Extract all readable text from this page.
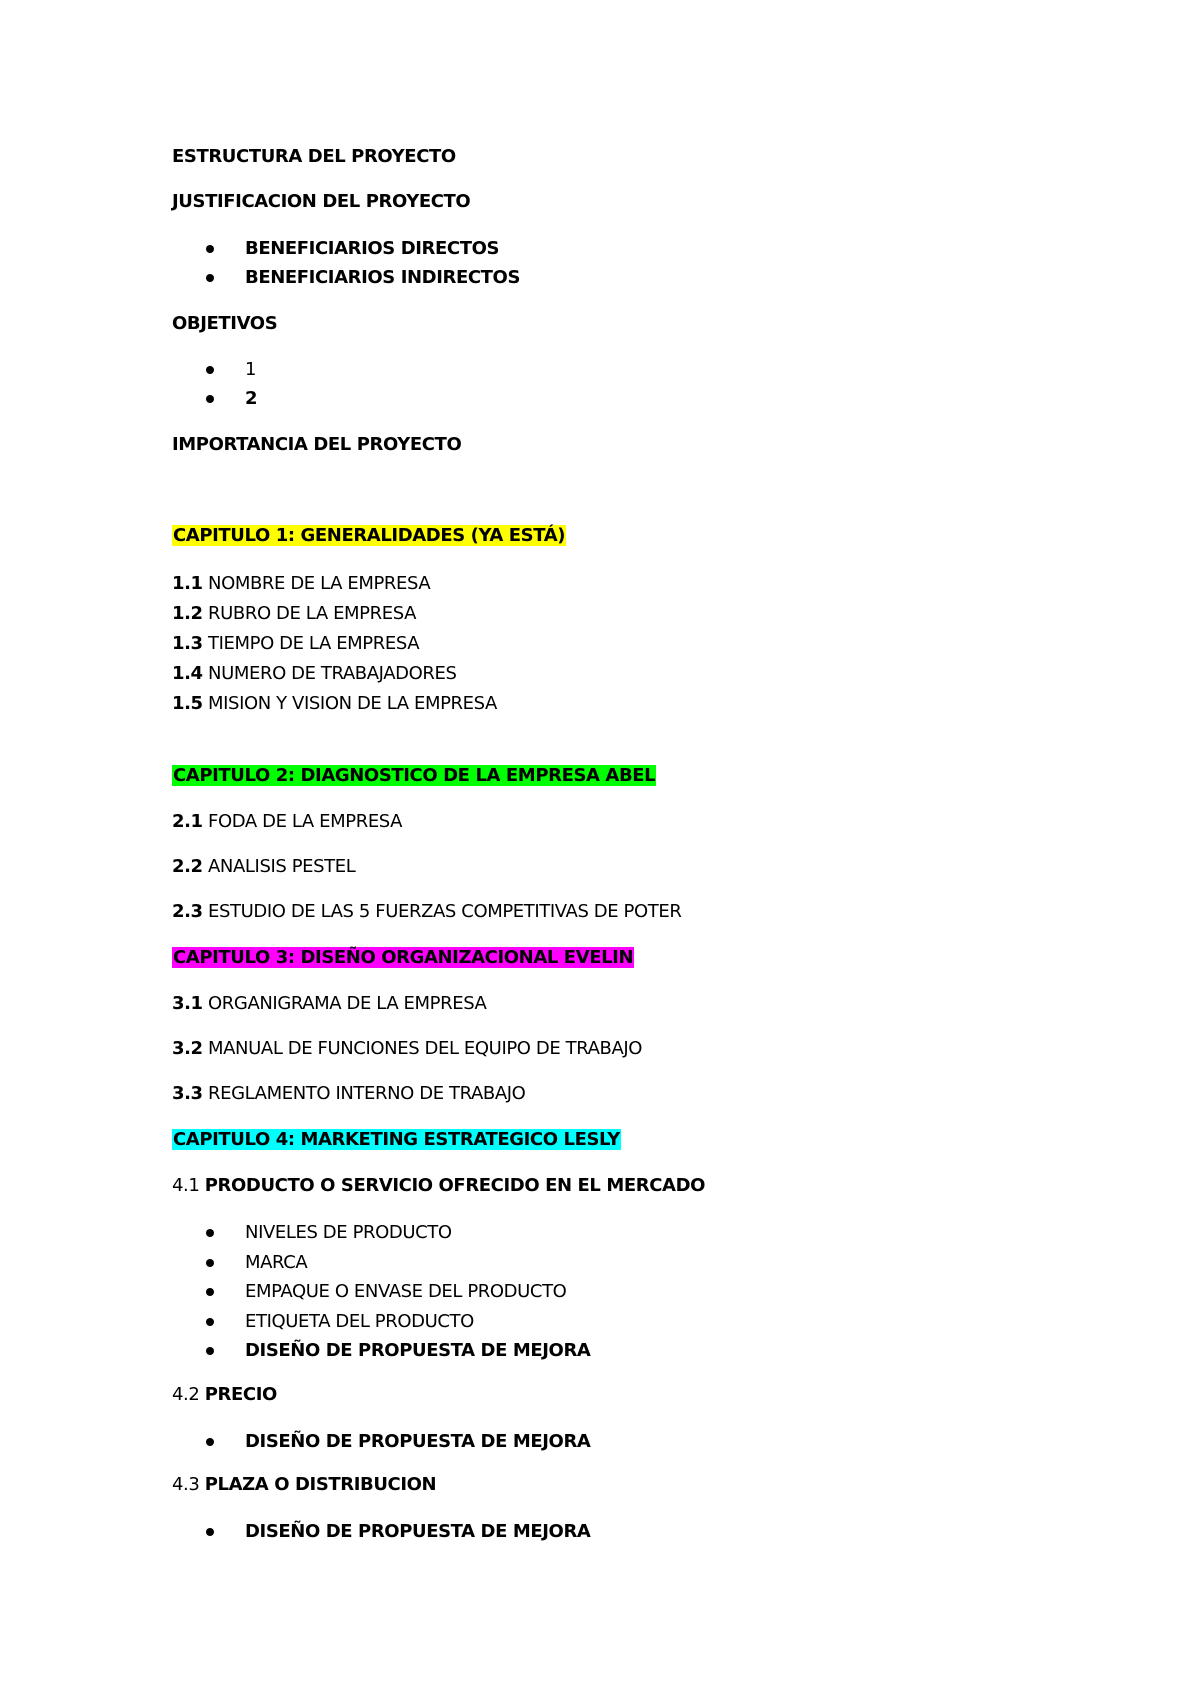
ESTRUCTURA DEL PROYECTO

JUSTIFICACION DEL PROYECTO

BENEFICIARIOS DIRECTOS
BENEFICIARIOS INDIRECTOS

OBJETIVOS

1
2

IMPORTANCIA DEL PROYECTO

CAPITULO 1: GENERALIDADES (YA ESTÁ)

1.1 NOMBRE DE LA EMPRESA
1.2 RUBRO DE LA EMPRESA
1.3 TIEMPO DE LA EMPRESA
1.4 NUMERO DE TRABAJADORES
1.5 MISION Y VISION DE LA EMPRESA

CAPITULO 2: DIAGNOSTICO DE LA EMPRESA ABEL

2.1 FODA DE LA EMPRESA

2.2 ANALISIS PESTEL

2.3 ESTUDIO DE LAS 5 FUERZAS COMPETITIVAS DE POTER

CAPITULO 3: DISEÑO ORGANIZACIONAL EVELIN

3.1 ORGANIGRAMA DE LA EMPRESA

3.2 MANUAL DE FUNCIONES DEL EQUIPO DE TRABAJO

3.3 REGLAMENTO INTERNO DE TRABAJO

CAPITULO 4: MARKETING ESTRATEGICO LESLY

4.1 PRODUCTO O SERVICIO OFRECIDO EN EL MERCADO

NIVELES DE PRODUCTO
MARCA
EMPAQUE O ENVASE DEL PRODUCTO
ETIQUETA DEL PRODUCTO
DISEÑO DE PROPUESTA DE MEJORA

4.2 PRECIO

DISEÑO DE PROPUESTA DE MEJORA

4.3 PLAZA O DISTRIBUCION

DISEÑO DE PROPUESTA DE MEJORA
